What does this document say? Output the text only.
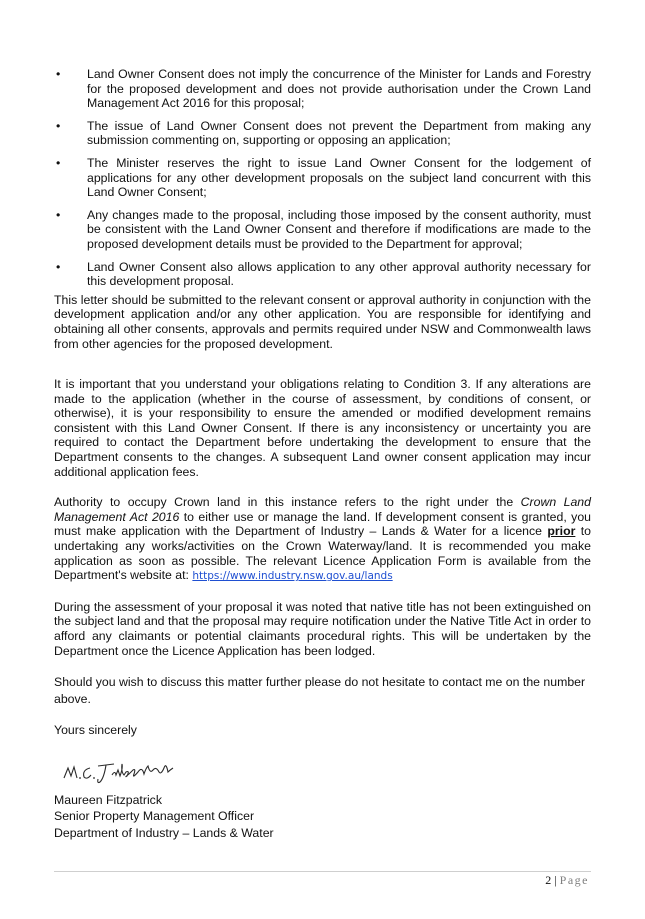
• Land Owner Consent does not imply the concurrence of the Minister for Lands and Forestry for the proposed development and does not provide authorisation under the Crown Land Management Act 2016 for this proposal;
• The issue of Land Owner Consent does not prevent the Department from making any submission commenting on, supporting or opposing an application;
• The Minister reserves the right to issue Land Owner Consent for the lodgement of applications for any other development proposals on the subject land concurrent with this Land Owner Consent;
• Any changes made to the proposal, including those imposed by the consent authority, must be consistent with the Land Owner Consent and therefore if modifications are made to the proposed development details must be provided to the Department for approval;
• Land Owner Consent also allows application to any other approval authority necessary for this development proposal.

This letter should be submitted to the relevant consent or approval authority in conjunction with the development application and/or any other application. You are responsible for identifying and obtaining all other consents, approvals and permits required under NSW and Commonwealth laws from other agencies for the proposed development.

It is important that you understand your obligations relating to Condition 3. If any alterations are made to the application (whether in the course of assessment, by conditions of consent, or otherwise), it is your responsibility to ensure the amended or modified development remains consistent with this Land Owner Consent. If there is any inconsistency or uncertainty you are required to contact the Department before undertaking the development to ensure that the Department consents to the changes. A subsequent Land owner consent application may incur additional application fees.

Authority to occupy Crown land in this instance refers to the right under the Crown Land Management Act 2016 to either use or manage the land. If development consent is granted, you must make application with the Department of Industry – Lands & Water for a licence prior to undertaking any works/activities on the Crown Waterway/land. It is recommended you make application as soon as possible. The relevant Licence Application Form is available from the Department's website at: https://www.industry.nsw.gov.au/lands

During the assessment of your proposal it was noted that native title has not been extinguished on the subject land and that the proposal may require notification under the Native Title Act in order to afford any claimants or potential claimants procedural rights. This will be undertaken by the Department once the Licence Application has been lodged.

Should you wish to discuss this matter further please do not hesitate to contact me on the number above.

Yours sincerely

Maureen Fitzpatrick
Senior Property Management Officer
Department of Industry – Lands & Water
2 | Page
